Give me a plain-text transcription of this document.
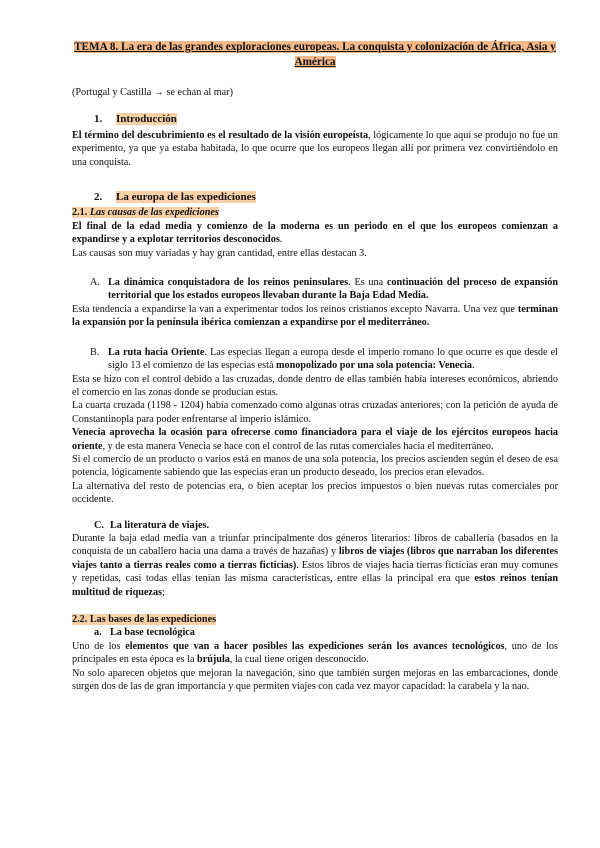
TEMA 8. La era de las grandes exploraciones europeas. La conquista y colonización de África, Asia y América

(Portugal y Castilla → se echan al mar)

1. Introducción

El término del descubrimiento es el resultado de la visión europeísta, lógicamente lo que aquí se produjo no fue un experimento, ya que ya estaba habitada, lo que ocurre que los europeos llegan allí por primera vez convirtiéndolo en una conquista.

2. La europa de las expediciones
2.1. Las causas de las expediciones

El final de la edad media y comienzo de la moderna es un periodo en el que los europeos comienzan a expandirse y a explotar territorios desconocidos.

Las causas son muy variadas y hay gran cantidad, entre ellas destacan 3.

A. La dinámica conquistadora de los reinos peninsulares. Es una continuación del proceso de expansión territorial que los estados europeos llevaban durante la Baja Edad Media.

Esta tendencia a expandirse la van a experimentar todos los reinos cristianos excepto Navarra. Una vez que terminan la expansión por la península ibérica comienzan a expandirse por el mediterráneo.

B. La ruta hacia Oriente. Las especias llegan a europa desde el imperio romano lo que ocurre es que desde el siglo 13 el comienzo de las especias está monopolizado por una sola potencia: Venecia.

Esta se hizo con el control debido a las cruzadas, donde dentro de ellas también había intereses económicos, abriendo el comercio en las zonas donde se producían estas.

La cuarta cruzada (1198 - 1204) había comenzado como algunas otras cruzadas anteriores; con la petición de ayuda de Constantinopla para poder enfrentarse al imperio islámico.

Venecia aprovecha la ocasión para ofrecerse como financiadora para el viaje de los ejércitos europeos hacia oriente, y de esta manera Venecia se hace con el control de las rutas comerciales hacia el mediterráneo.

Si el comercio de un producto o varios está en manos de una sola potencia, los precios ascienden según el deseo de esa potencia, lógicamente sabiendo que las especias eran un producto deseado, los precios eran elevados.

La alternativa del resto de potencias era, o bien aceptar los precios impuestos o bien nuevas rutas comerciales por occidente.

C. La literatura de viajes.

Durante la baja edad media van a triunfar principalmente dos géneros literarios: libros de caballería (basados en la conquista de un caballero hacia una dama a través de hazañas) y libros de viajes (libros que narraban los diferentes viajes tanto a tierras reales como a tierras ficticias). Estos libros de viajes hacia tierras ficticias eran muy comunes y repetidas, casi todas ellas tenían las misma características, entre ellas la principal era que estos reinos tenían multitud de riquezas;

2.2. Las bases de las expediciones
a. La base tecnológica

Uno de los elementos que van a hacer posibles las expediciones serán los avances tecnológicos, uno de los principales en esta época es la brújula, la cual tiene origen desconocido.

No solo aparecen objetos que mejoran la navegación, sino que también surgen mejoras en las embarcaciones, donde surgen dos de las de gran importancia y que permiten viajes con cada vez mayor capacidad: la carabela y la nao.
